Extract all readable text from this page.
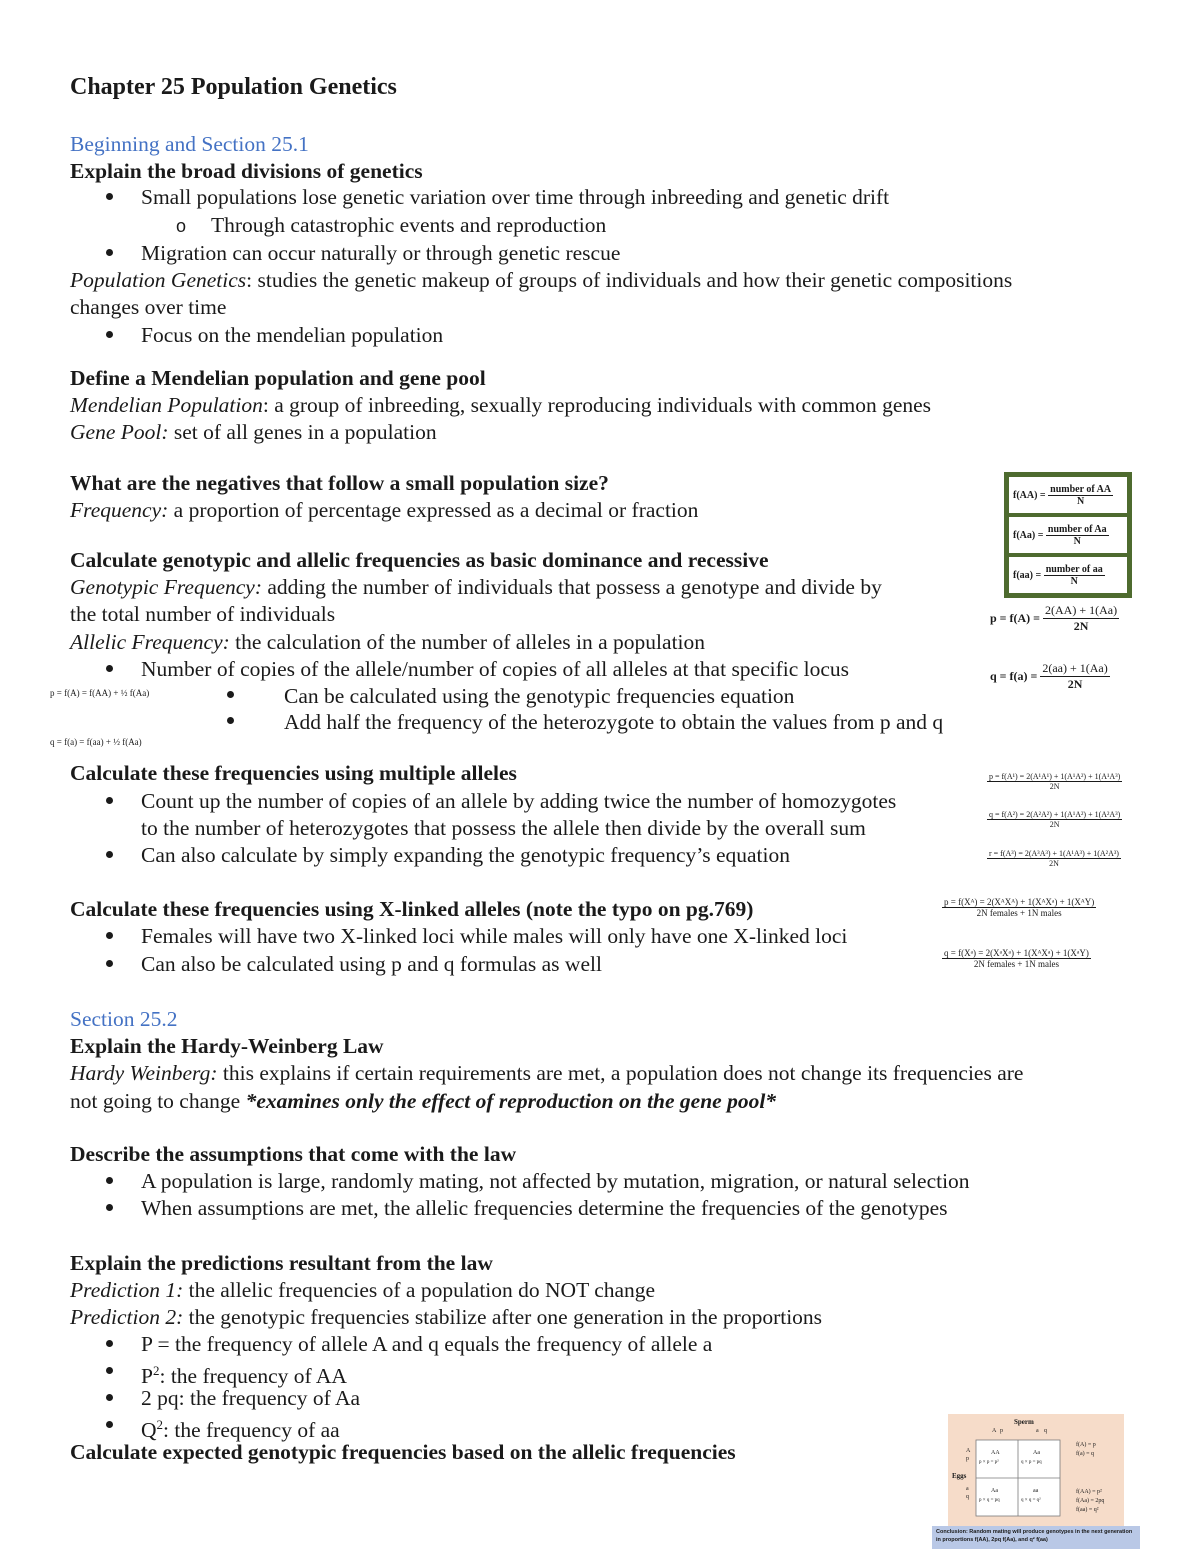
Chapter 25 Population Genetics
Beginning and Section 25.1
Explain the broad divisions of genetics
Small populations lose genetic variation over time through inbreeding and genetic drift
o Through catastrophic events and reproduction
Migration can occur naturally or through genetic rescue
Population Genetics: studies the genetic makeup of groups of individuals and how their genetic compositions
changes over time
Focus on the mendelian population
Define a Mendelian population and gene pool
Mendelian Population: a group of inbreeding, sexually reproducing individuals with common genes
Gene Pool: set of all genes in a population
What are the negatives that follow a small population size?
Frequency: a proportion of percentage expressed as a decimal or fraction
Calculate genotypic and allelic frequencies as basic dominance and recessive
Genotypic Frequency: adding the number of individuals that possess a genotype and divide by
the total number of individuals
Allelic Frequency: the calculation of the number of alleles in a population
Number of copies of the allele/number of copies of all alleles at that specific locus
Can be calculated using the genotypic frequencies equation
Add half the frequency of the heterozygote to obtain the values from p and q
Calculate these frequencies using multiple alleles
Count up the number of copies of an allele by adding twice the number of homozygotes
to the number of heterozygotes that possess the allele then divide by the overall sum
Can also calculate by simply expanding the genotypic frequency’s equation
Calculate these frequencies using X-linked alleles (note the typo on pg.769)
Females will have two X-linked loci while males will only have one X-linked loci
Can also be calculated using p and q formulas as well
Section 25.2
Explain the Hardy-Weinberg Law
Hardy Weinberg: this explains if certain requirements are met, a population does not change its frequencies are
not going to change *examines only the effect of reproduction on the gene pool*
Describe the assumptions that come with the law
A population is large, randomly mating, not affected by mutation, migration, or natural selection
When assumptions are met, the allelic frequencies determine the frequencies of the genotypes
Explain the predictions resultant from the law
Prediction 1: the allelic frequencies of a population do NOT change
Prediction 2: the genotypic frequencies stabilize after one generation in the proportions
P = the frequency of allele A and q equals the frequency of allele a
$P^2$: the frequency of AA
2 pq: the frequency of Aa
$Q^2$: the frequency of aa
Calculate expected genotypic frequencies based on the allelic frequencies
$f(AA) = \frac{\text{number of AA}}{N}$
$f(Aa) = \frac{\text{number of Aa}}{N}$
$f(aa) = \frac{\text{number of aa}}{N}$
$p = f(A) = \frac{2(AA) + 1(Aa)}{2N}$
$q = f(a) = \frac{2(aa) + 1(Aa)}{2N}$
p = f(A) = f(AA) + ½ f(Aa)
q = f(a) = f(aa) + ½ f(Aa)
$\frac{\text{p = f(A¹) = 2(A¹A¹) + 1(A¹A²) + 1(A¹A³)}}{2N}$
$\frac{\text{q = f(A²) = 2(A²A²) + 1(A¹A²) + 1(A²A³)}}{2N}$
$\frac{\text{r = f(A³) = 2(A³A³) + 1(A¹A³) + 1(A²A³)}}{2N}$
$\frac{\text{p = f(Xᴬ) = 2(XᴬXᴬ) + 1(XᴬXᵃ) + 1(XᴬY)}}{\text{2N females + 1N males}}$
$\frac{\text{q = f(Xᵃ) = 2(XᵃXᵃ) + 1(XᴬXᵃ) + 1(XᵃY)}}{\text{2N females + 1N males}}$
Sperm
A p	a q
Eggs
A
p
a
q
AA
p × p = p²
Aa
q × p = pq
Aa
p × q = pq
aa
q × q = q²
f(A) = p
f(a) = q
f(AA) = p²
f(Aa) = 2pq
f(aa) = q²
Conclusion: Random mating will produce genotypes in the next generation in proportions f(AA), 2pq f(Aa), and q² f(aa)
